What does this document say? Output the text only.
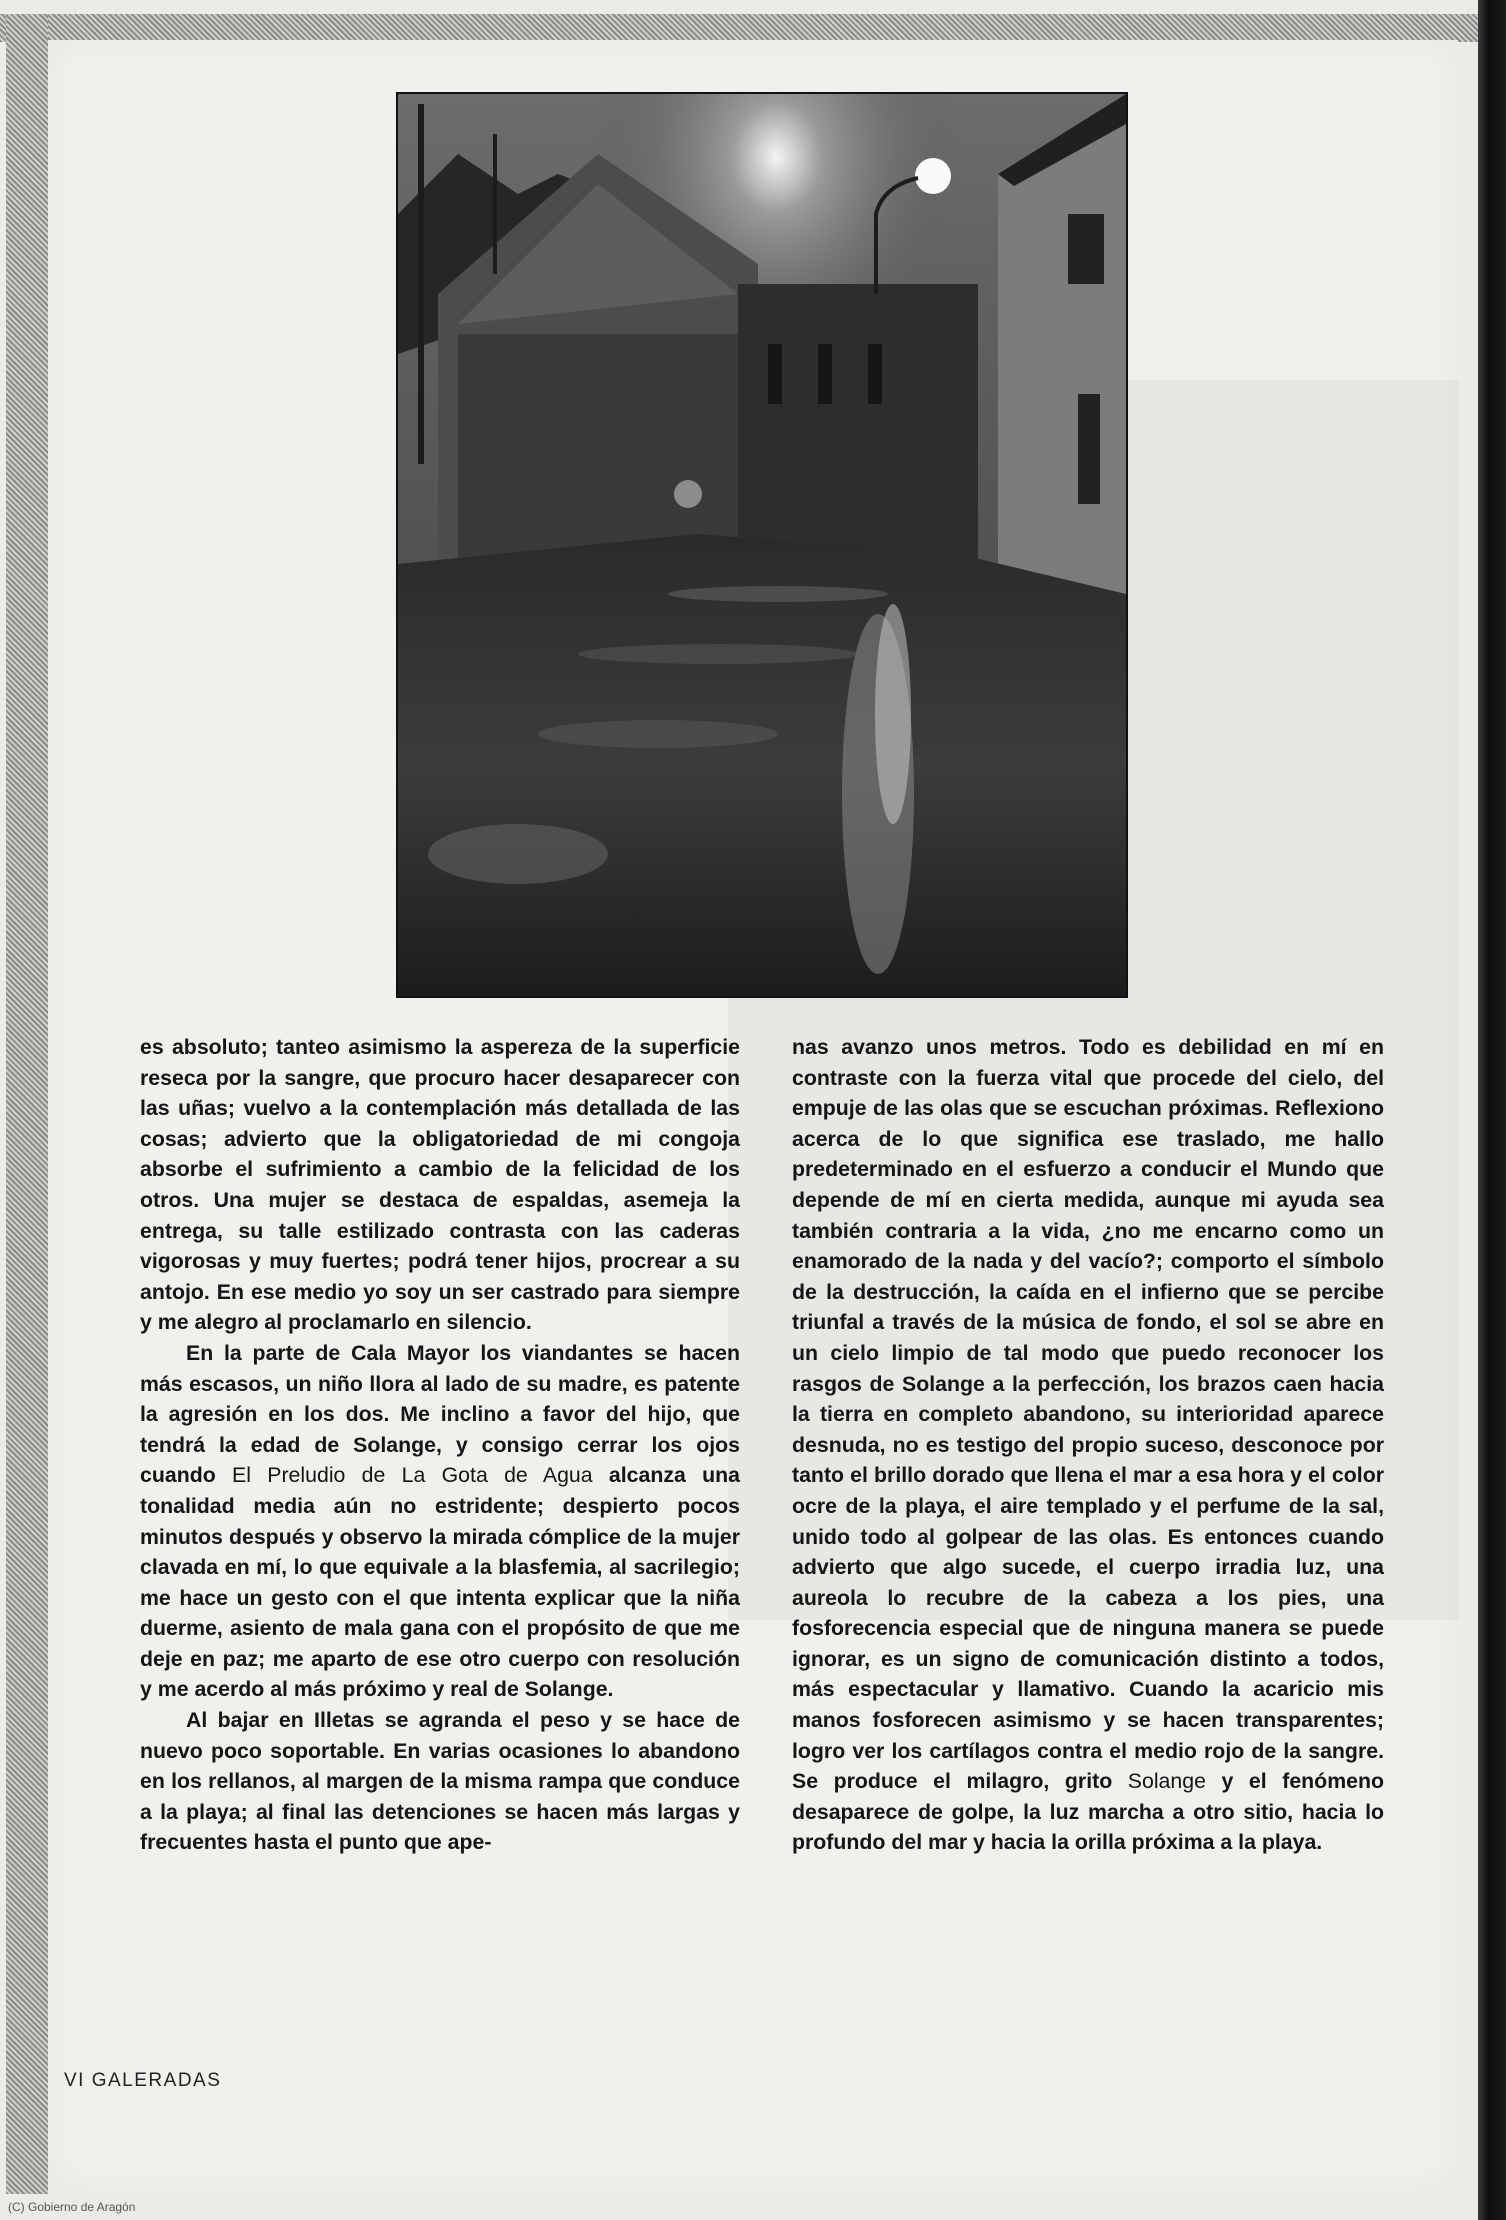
es absoluto; tanteo asimismo la aspereza de la superficie reseca por la sangre, que procuro hacer desaparecer con las uñas; vuelvo a la contemplación más detallada de las cosas; advierto que la obligatoriedad de mi congoja absorbe el sufrimiento a cambio de la felicidad de los otros. Una mujer se destaca de espaldas, asemeja la entrega, su talle estilizado contrasta con las caderas vigorosas y muy fuertes; podrá tener hijos, procrear a su antojo. En ese medio yo soy un ser castrado para siempre y me alegro al proclamarlo en silencio.

En la parte de Cala Mayor los viandantes se hacen más escasos, un niño llora al lado de su madre, es patente la agresión en los dos. Me inclino a favor del hijo, que tendrá la edad de Solange, y consigo cerrar los ojos cuando El Preludio de La Gota de Agua alcanza una tonalidad media aún no estridente; despierto pocos minutos después y observo la mirada cómplice de la mujer clavada en mí, lo que equivale a la blasfemia, al sacrilegio; me hace un gesto con el que intenta explicar que la niña duerme, asiento de mala gana con el propósito de que me deje en paz; me aparto de ese otro cuerpo con resolución y me acerdo al más próximo y real de Solange.

Al bajar en Illetas se agranda el peso y se hace de nuevo poco soportable. En varias ocasiones lo abandono en los rellanos, al margen de la misma rampa que conduce a la playa; al final las detenciones se hacen más largas y frecuentes hasta el punto que ape-

nas avanzo unos metros. Todo es debilidad en mí en contraste con la fuerza vital que procede del cielo, del empuje de las olas que se escuchan próximas. Reflexiono acerca de lo que significa ese traslado, me hallo predeterminado en el esfuerzo a conducir el Mundo que depende de mí en cierta medida, aunque mi ayuda sea también contraria a la vida, ¿no me encarno como un enamorado de la nada y del vacío?; comporto el símbolo de la destrucción, la caída en el infierno que se percibe triunfal a través de la música de fondo, el sol se abre en un cielo limpio de tal modo que puedo reconocer los rasgos de Solange a la perfección, los brazos caen hacia la tierra en completo abandono, su interioridad aparece desnuda, no es testigo del propio suceso, desconoce por tanto el brillo dorado que llena el mar a esa hora y el color ocre de la playa, el aire templado y el perfume de la sal, unido todo al golpear de las olas. Es entonces cuando advierto que algo sucede, el cuerpo irradia luz, una aureola lo recubre de la cabeza a los pies, una fosforecencia especial que de ninguna manera se puede ignorar, es un signo de comunicación distinto a todos, más espectacular y llamativo. Cuando la acaricio mis manos fosforecen asimismo y se hacen transparentes; logro ver los cartílagos contra el medio rojo de la sangre. Se produce el milagro, grito Solange y el fenómeno desaparece de golpe, la luz marcha a otro sitio, hacia lo profundo del mar y hacia la orilla próxima a la playa.

VI GALERADAS
(C) Gobierno de Aragón
